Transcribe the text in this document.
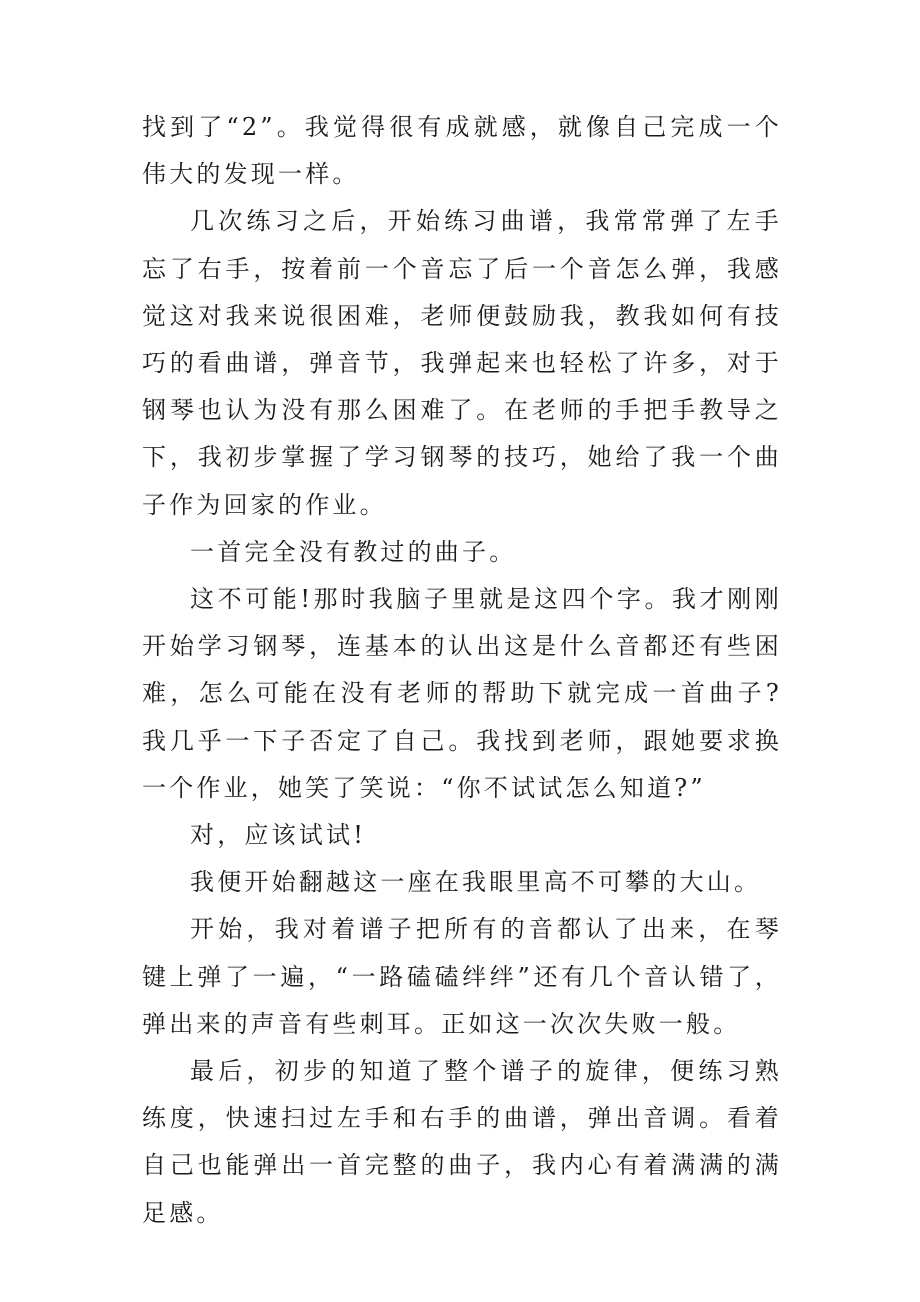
找到了“2”。我觉得很有成就感，就像自己完成一个伟大的发现一样。

几次练习之后，开始练习曲谱，我常常弹了左手忘了右手，按着前一个音忘了后一个音怎么弹，我感觉这对我来说很困难，老师便鼓励我，教我如何有技巧的看曲谱，弹音节，我弹起来也轻松了许多，对于钢琴也认为没有那么困难了。在老师的手把手教导之下，我初步掌握了学习钢琴的技巧，她给了我一个曲子作为回家的作业。

一首完全没有教过的曲子。

这不可能!那时我脑子里就是这四个字。我才刚刚开始学习钢琴，连基本的认出这是什么音都还有些困难，怎么可能在没有老师的帮助下就完成一首曲子?我几乎一下子否定了自己。我找到老师，跟她要求换一个作业，她笑了笑说：“你不试试怎么知道?”

对，应该试试!

我便开始翻越这一座在我眼里高不可攀的大山。

开始，我对着谱子把所有的音都认了出来，在琴键上弹了一遍，“一路磕磕绊绊”还有几个音认错了，弹出来的声音有些刺耳。正如这一次次失败一般。

最后，初步的知道了整个谱子的旋律，便练习熟练度，快速扫过左手和右手的曲谱，弹出音调。看着自己也能弹出一首完整的曲子，我内心有着满满的满足感。
